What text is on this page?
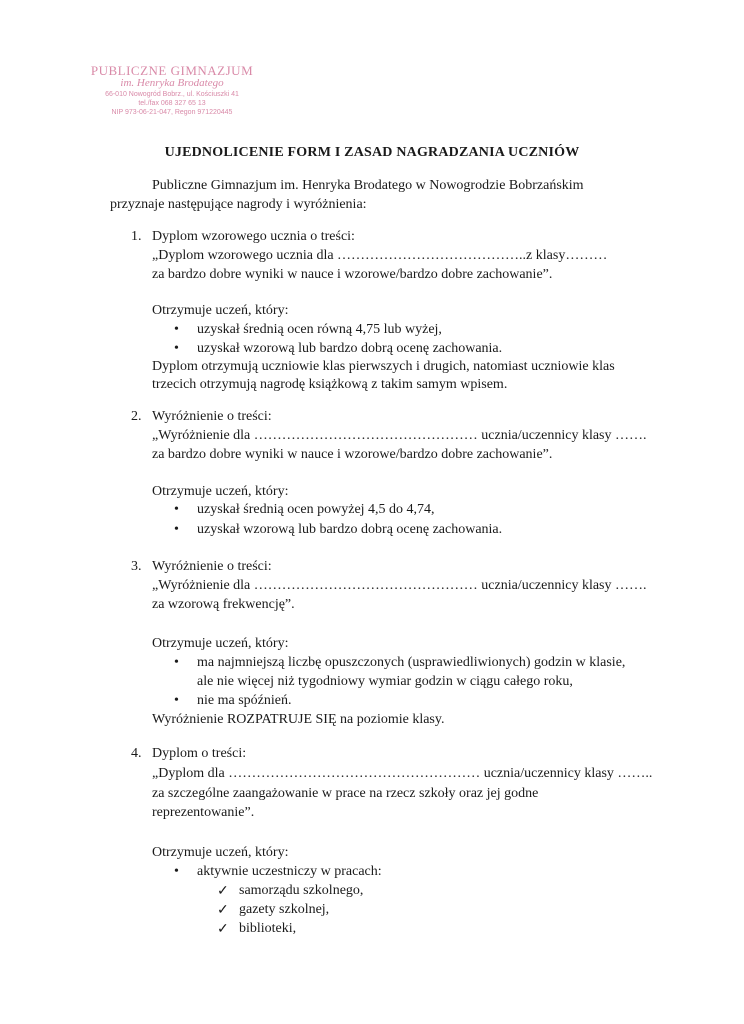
PUBLICZNE GIMNAZJUM
im. Henryka Brodatego
66-010 Nowogród Bobrz., ul. Kościuszki 41
tel./fax 068 327 65 13
NIP 973-06-21-047, Regon 971220445
UJEDNOLICENIE FORM I ZASAD NAGRADZANIA UCZNIÓW
Publiczne Gimnazjum im. Henryka Brodatego w Nowogrodzie Bobrzańskim
przyznaje następujące nagrody i wyróżnienia:
1. Dyplom wzorowego ucznia o treści:
„Dyplom wzorowego ucznia dla …………………………………..z klasy………
za bardzo dobre wyniki w nauce i wzorowe/bardzo dobre zachowanie”.
Otrzymuje uczeń, który:
• uzyskał średnią ocen równą 4,75 lub wyżej,
• uzyskał wzorową lub bardzo dobrą ocenę zachowania.
Dyplom otrzymują uczniowie klas pierwszych i drugich, natomiast uczniowie klas
trzecich otrzymują nagrodę książkową z takim samym wpisem.
2. Wyróżnienie o treści:
„Wyróżnienie dla ………………………………………… ucznia/uczennicy klasy …….
za bardzo dobre wyniki w nauce i wzorowe/bardzo dobre zachowanie”.
Otrzymuje uczeń, który:
• uzyskał średnią ocen powyżej 4,5 do 4,74,
• uzyskał wzorową lub bardzo dobrą ocenę zachowania.
3. Wyróżnienie o treści:
„Wyróżnienie dla ………………………………………… ucznia/uczennicy klasy …….
za wzorową frekwencję”.
Otrzymuje uczeń, który:
• ma najmniejszą liczbę opuszczonych (usprawiedliwionych) godzin w klasie,
ale nie więcej niż tygodniowy wymiar godzin w ciągu całego roku,
• nie ma spóźnień.
Wyróżnienie ROZPATRUJE SIĘ na poziomie klasy.
4. Dyplom o treści:
„Dyplom dla ……………………………………………… ucznia/uczennicy klasy ……..
za szczególne zaangażowanie w prace na rzecz szkoły oraz jej godne
reprezentowanie”.
Otrzymuje uczeń, który:
• aktywnie uczestniczy w pracach:
✓ samorządu szkolnego,
✓ gazety szkolnej,
✓ biblioteki,
